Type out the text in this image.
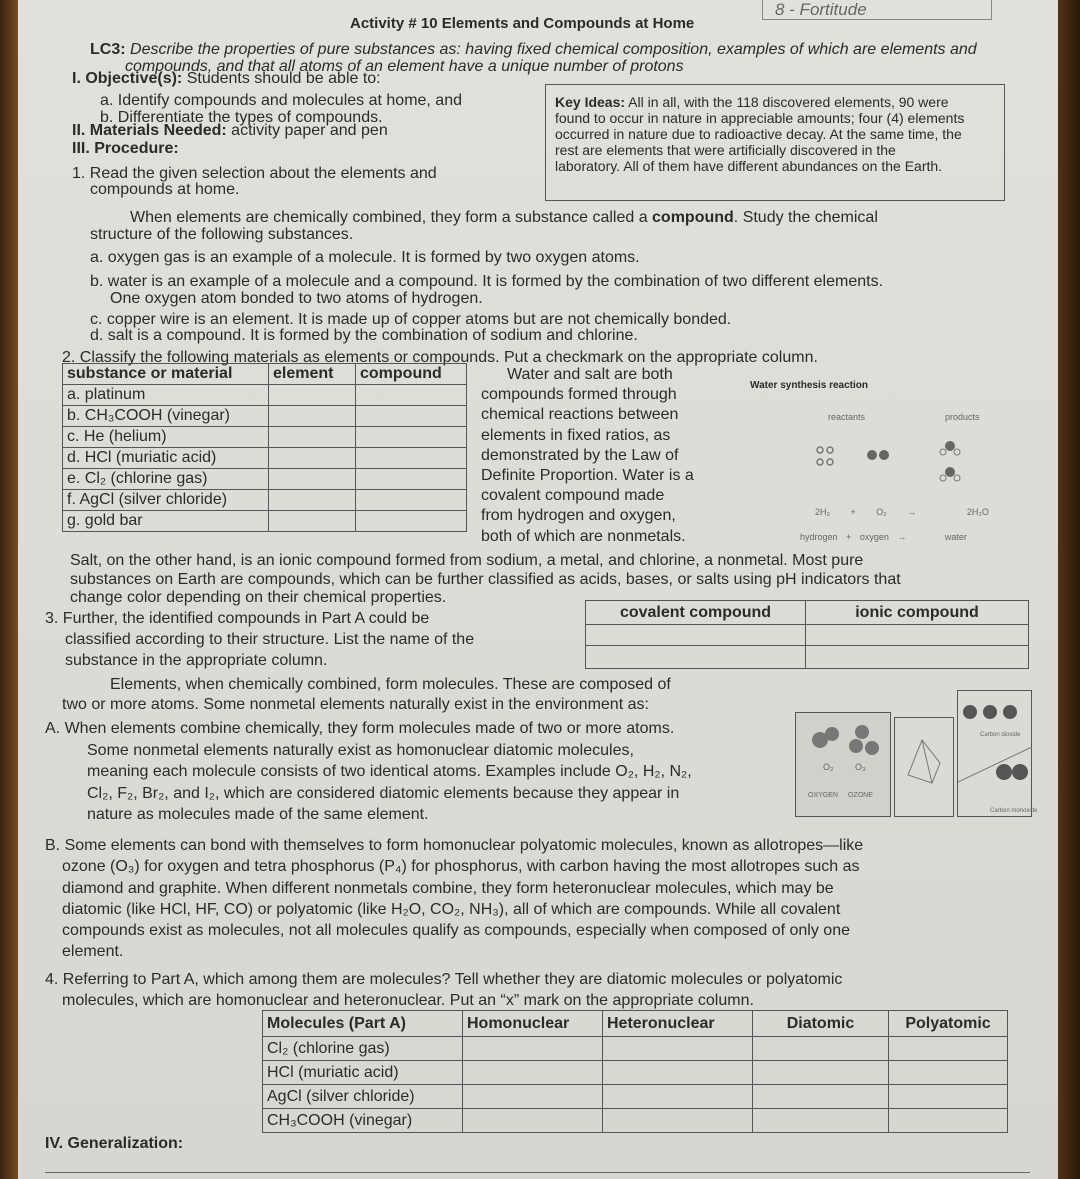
8 - Fortitude
Activity # 10 Elements and Compounds at Home
LC3: Describe the properties of pure substances as: having fixed chemical composition, examples of which are elements and
compounds, and that all atoms of an element have a unique number of protons
I. Objective(s): Students should be able to:
a. Identify compounds and molecules at home, and
b. Differentiate the types of compounds.
II. Materials Needed: activity paper and pen
III. Procedure:
1. Read the given selection about the elements and
compounds at home.
Key Ideas: All in all, with the 118 discovered elements, 90 were
found to occur in nature in appreciable amounts; four (4) elements
occurred in nature due to radioactive decay. At the same time, the
rest are elements that were artificially discovered in the
laboratory. All of them have different abundances on the Earth.
When elements are chemically combined, they form a substance called a compound. Study the chemical
structure of the following substances.
a. oxygen gas is an example of a molecule. It is formed by two oxygen atoms.
b. water is an example of a molecule and a compound. It is formed by the combination of two different elements.
One oxygen atom bonded to two atoms of hydrogen.
c. copper wire is an element. It is made up of copper atoms but are not chemically bonded.
d. salt is a compound. It is formed by the combination of sodium and chlorine.
2. Classify the following materials as elements or compounds. Put a checkmark on the appropriate column.
substance or material	element	compound
a. platinum		
b. CH₃COOH (vinegar)		
c. He (helium)		
d. HCl (muriatic acid)		
e. Cl₂ (chlorine gas)		
f. AgCl (silver chloride)		
g. gold bar		
Water and salt are both
compounds formed through
chemical reactions between
elements in fixed ratios, as
demonstrated by the Law of
Definite Proportion. Water is a
covalent compound made
from hydrogen and oxygen,
both of which are nonmetals.
Water synthesis reaction
reactants	products
2H₂ + O₂ →	2H₂O
hydrogen + oxygen →	water
Salt, on the other hand, is an ionic compound formed from sodium, a metal, and chlorine, a nonmetal. Most pure
substances on Earth are compounds, which can be further classified as acids, bases, or salts using pH indicators that
change color depending on their chemical properties.
3. Further, the identified compounds in Part A could be
classified according to their structure. List the name of the
substance in the appropriate column.
covalent compound	ionic compound

Elements, when chemically combined, form molecules. These are composed of
two or more atoms. Some nonmetal elements naturally exist in the environment as:
A. When elements combine chemically, they form molecules made of two or more atoms.
Some nonmetal elements naturally exist as homonuclear diatomic molecules,
meaning each molecule consists of two identical atoms. Examples include O₂, H₂, N₂,
Cl₂, F₂, Br₂, and I₂, which are considered diatomic elements because they appear in
nature as molecules made of the same element.
O₂ O₃
OXYGEN OZONE
Carbon dioxide
Carbon monoxide
B. Some elements can bond with themselves to form homonuclear polyatomic molecules, known as allotropes—like
ozone (O₃) for oxygen and tetra phosphorus (P₄) for phosphorus, with carbon having the most allotropes such as
diamond and graphite. When different nonmetals combine, they form heteronuclear molecules, which may be
diatomic (like HCl, HF, CO) or polyatomic (like H₂O, CO₂, NH₃), all of which are compounds. While all covalent
compounds exist as molecules, not all molecules qualify as compounds, especially when composed of only one
element.
4. Referring to Part A, which among them are molecules? Tell whether they are diatomic molecules or polyatomic
molecules, which are homonuclear and heteronuclear. Put an “x” mark on the appropriate column.
Molecules (Part A)	Homonuclear	Heteronuclear	Diatomic	Polyatomic
Cl₂ (chlorine gas)				
HCl (muriatic acid)				
AgCl (silver chloride)				
CH₃COOH (vinegar)				
IV. Generalization:
